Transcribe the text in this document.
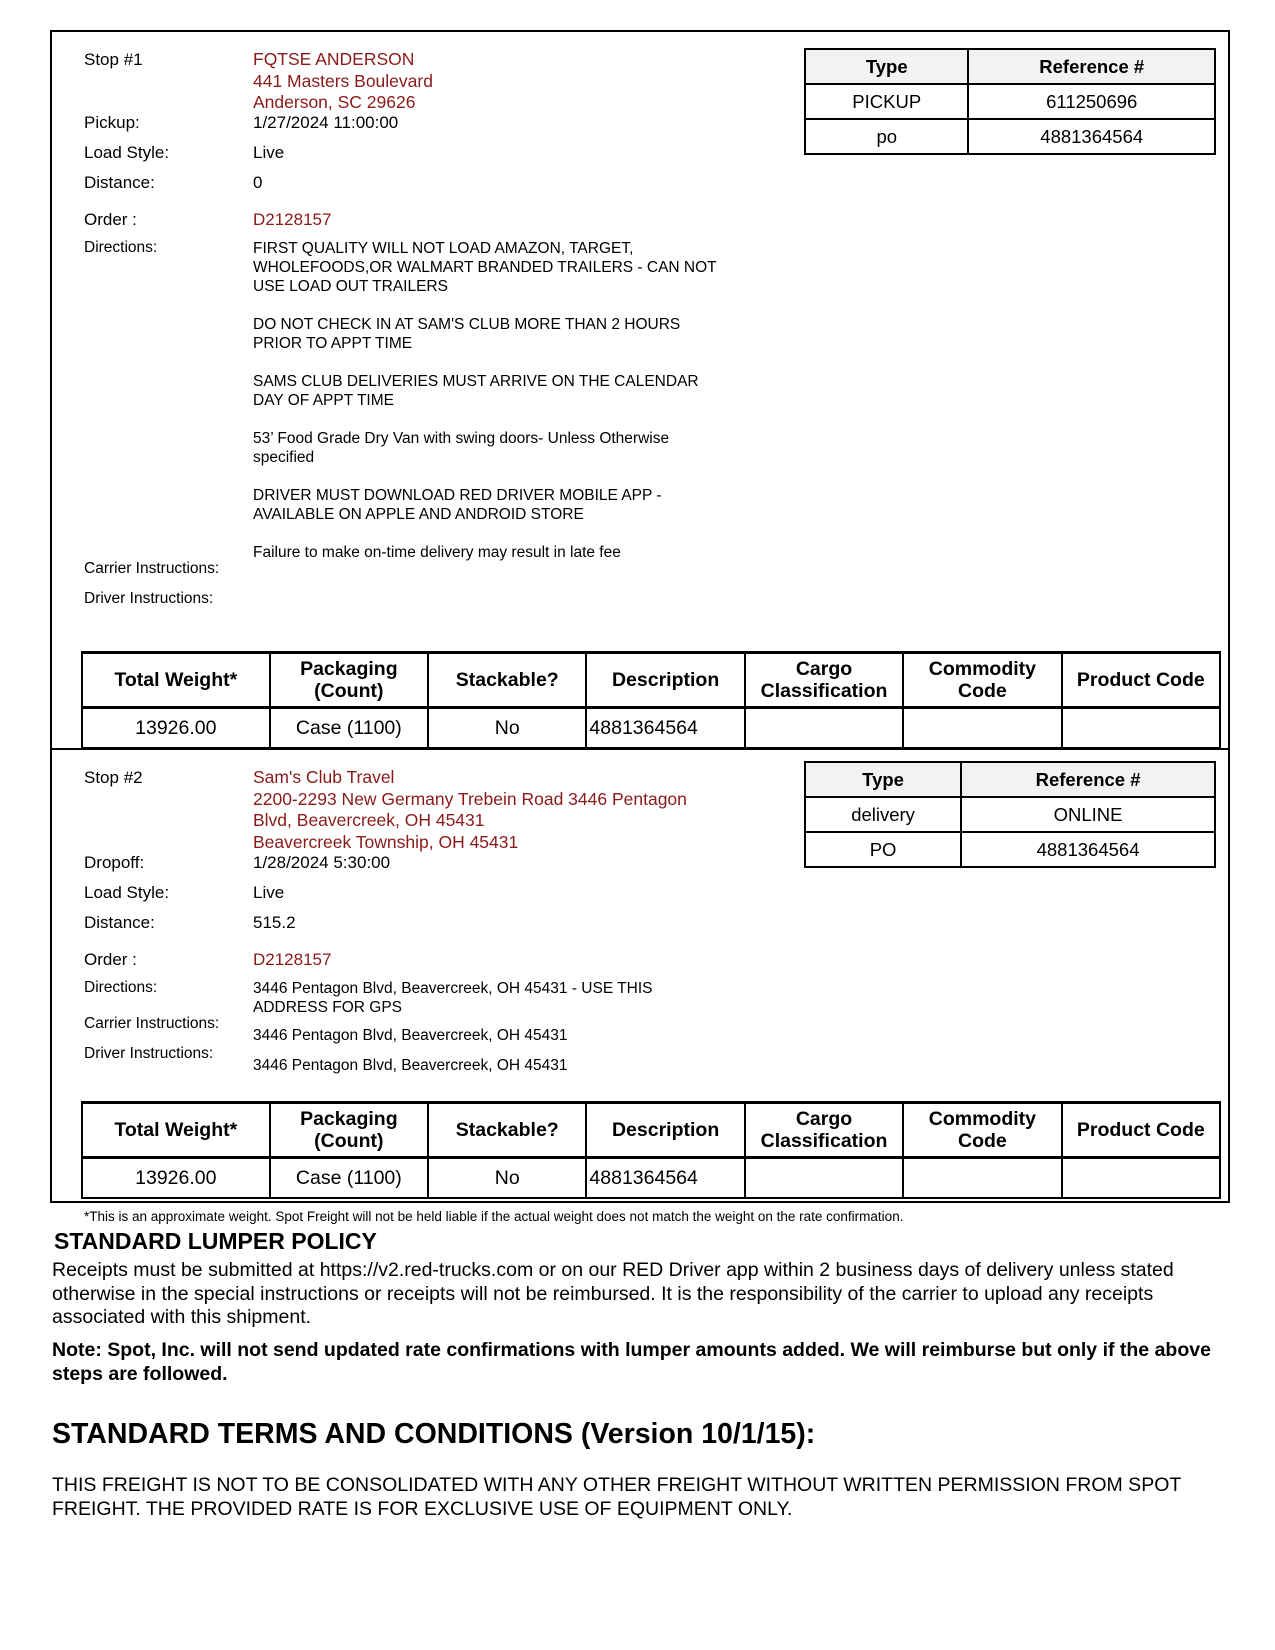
Stop #1	FQTSE ANDERSON
441 Masters Boulevard
Anderson, SC 29626
Pickup:	1/27/2024 11:00:00
Load Style:	Live
Distance:	0
Order :	D2128157
Directions:	FIRST QUALITY WILL NOT LOAD AMAZON, TARGET, WHOLEFOODS,OR WALMART BRANDED TRAILERS - CAN NOT USE LOAD OUT TRAILERS

DO NOT CHECK IN AT SAM'S CLUB MORE THAN 2 HOURS PRIOR TO APPT TIME

SAMS CLUB DELIVERIES MUST ARRIVE ON THE CALENDAR DAY OF APPT TIME

53’ Food Grade Dry Van with swing doors- Unless Otherwise specified

DRIVER MUST DOWNLOAD RED DRIVER MOBILE APP - AVAILABLE ON APPLE AND ANDROID STORE

Failure to make on-time delivery may result in late fee

Carrier Instructions:
Driver Instructions:
Type	Reference #
PICKUP	611250696
po	4881364564
Total Weight*	Packaging (Count)	Stackable?	Description	Cargo Classification	Commodity Code	Product Code
13926.00	Case (1100)	No	4881364564			
Stop #2	Sam's Club Travel
2200-2293 New Germany Trebein Road 3446 Pentagon
Blvd, Beavercreek, OH 45431
Beavercreek Township, OH 45431
Dropoff:	1/28/2024 5:30:00
Load Style:	Live
Distance:	515.2
Order :	D2128157
Directions:	3446 Pentagon Blvd, Beavercreek, OH 45431 - USE THIS ADDRESS FOR GPS
Carrier Instructions:
3446 Pentagon Blvd, Beavercreek, OH 45431
Driver Instructions:
3446 Pentagon Blvd, Beavercreek, OH 45431
Type	Reference #
delivery	ONLINE
PO	4881364564
Total Weight*	Packaging (Count)	Stackable?	Description	Cargo Classification	Commodity Code	Product Code
13926.00	Case (1100)	No	4881364564			
*This is an approximate weight. Spot Freight will not be held liable if the actual weight does not match the weight on the rate confirmation.
STANDARD LUMPER POLICY
Receipts must be submitted at https://v2.red-trucks.com or on our RED Driver app within 2 business days of delivery unless stated otherwise in the special instructions or receipts will not be reimbursed. It is the responsibility of the carrier to upload any receipts associated with this shipment.
Note: Spot, Inc. will not send updated rate confirmations with lumper amounts added. We will reimburse but only if the above steps are followed.
STANDARD TERMS AND CONDITIONS (Version 10/1/15):
THIS FREIGHT IS NOT TO BE CONSOLIDATED WITH ANY OTHER FREIGHT WITHOUT WRITTEN PERMISSION FROM SPOT FREIGHT. THE PROVIDED RATE IS FOR EXCLUSIVE USE OF EQUIPMENT ONLY.
